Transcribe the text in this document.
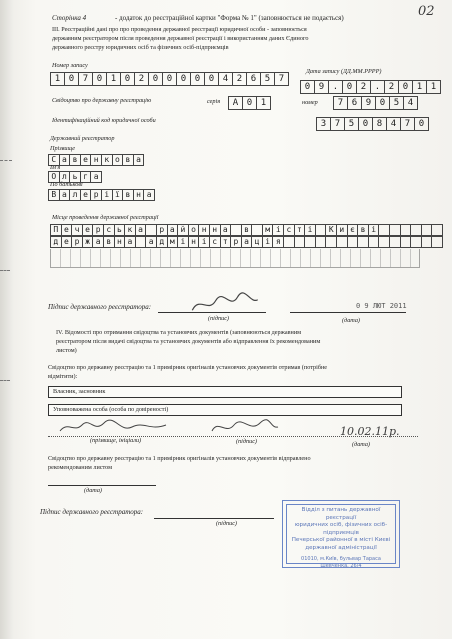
02
Сторінка 4	- додаток до реєстраційної картки "Форма № 1" (заповнюється не подається)
III. Реєстраційні дані про про проведення державної реєстрації юридичної особи - заповнюється
державним реєстратором після проведення державної реєстрації і використанням даних Єдиного
державного реєстру юридичних осіб та фізичних осіб-підприємців
Номер запису
1 0 7 0 1 0 2 0 0 0 0 0 4 2 6 5 7
Дата запису (ДД.ММ.РРРР)
0 9 . 0 2 . 2 0 1 1
Свідоцтво про державну реєстрацію	серія	А 0 1	номер	7 6 9 0 5 4
Ідентифікаційний код юридичної особи	3 7 5 0 8 4 7 0
Державний реєстратор
Прізвище
С а в е н к о в а
Ім'я
О л ь г а
По батькові
В а л е р і ї в н а
Місце проведення державної реєстрації
П е ч е р с ь к а	р а й о н н а	в	м і с т і	К и є в і
д е р ж а в н а	а д м і н і с т р а ц і я
Підпис державного реєстратора:
(підпис)
0 9 ЛЮТ 2011
(дата)
IV. Відомості про отримання свідоцтва та установчих документів (заповнюються державним
реєстратором після видачі свідоцтва та установчих документів або відправлення їх рекомендованим
листом)
Свідоцтво про державну реєстрацію та 1 примірник оригіналів установчих документів отримав (потрібне
відмітити):
Власник, засновник
Уповноважена особа (особа по довіреності)
10.02.11р.
(прізвище, ініціали)	(підпис)	(дата)
Свідоцтво про державну реєстрацію та 1 примірник оригіналів установчих документів відправлено
рекомендованим листом
(дата)
Підпис державного реєстратора:
(підпис)
Відділ з питань державної реєстрації
юридичних осіб, фізичних осіб-підприємців
Печерської районної в місті Києві
державної адміністрації
01010, м.Київ, бульвар Тараса Шевченка, 26/4
